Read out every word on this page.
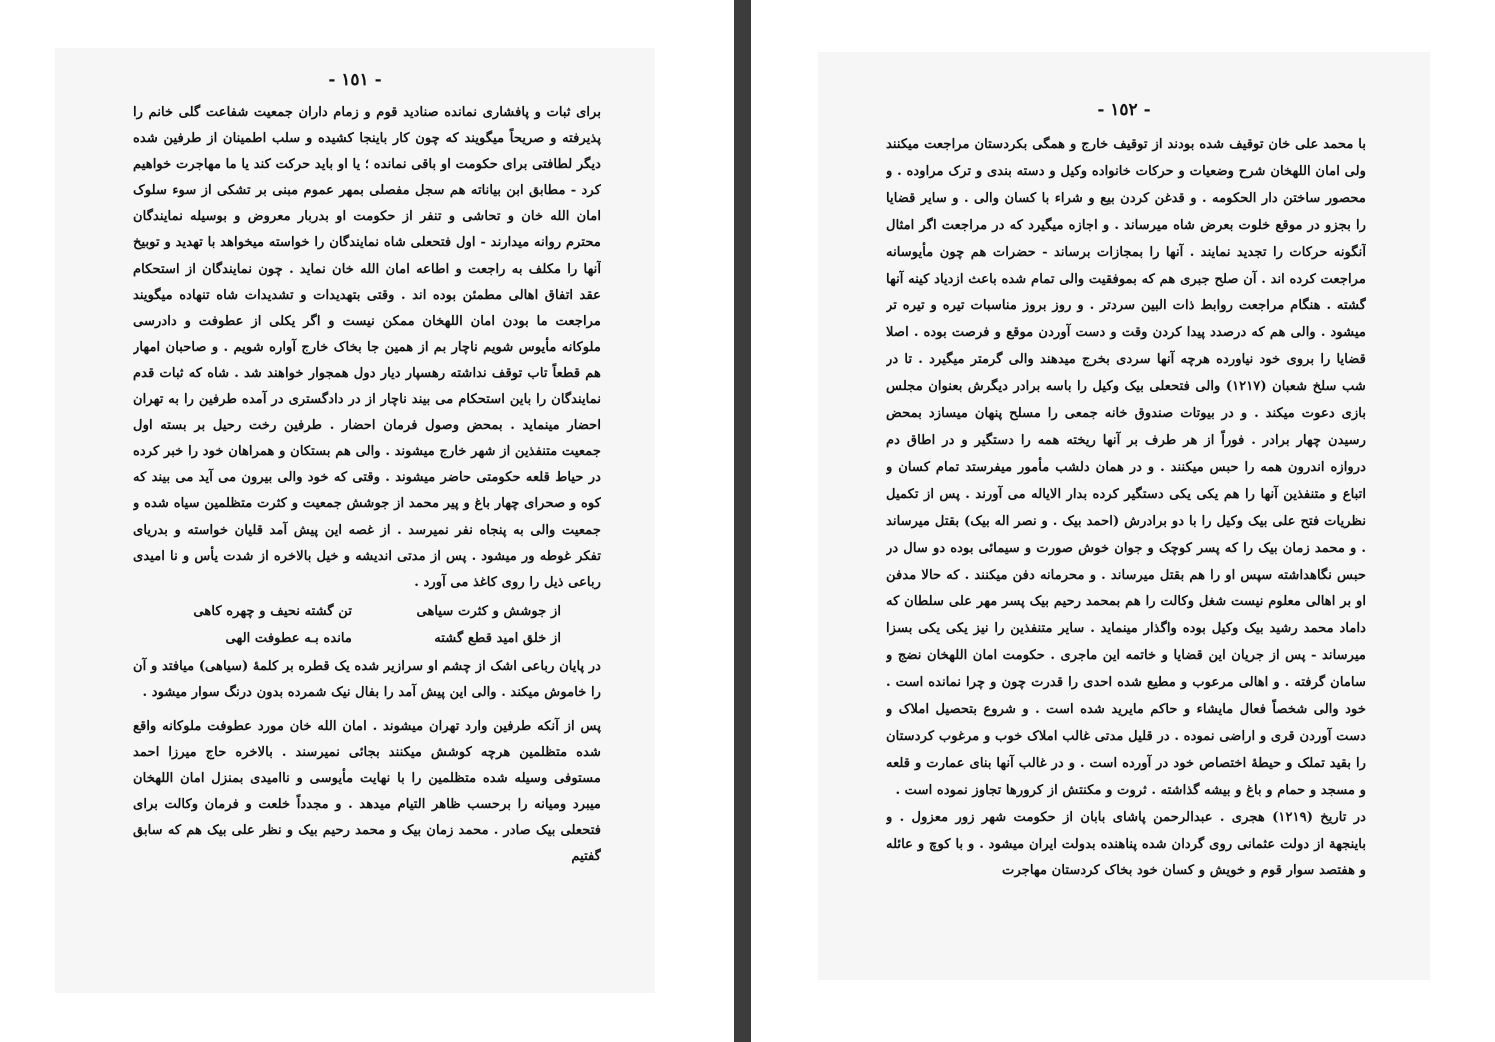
- ١٥١ -

برای ثبات و پافشاری نمانده صنادید قوم و زمام داران جمعیت شفاعت گلی خانم را پذیرفته و صریحاً میگویند که چون کار باینجا کشیده و سلب اطمینان از طرفین شده دیگر لطافتی برای حکومت او باقی نمانده ؛ یا او باید حرکت کند یا ما مهاجرت خواهیم کرد - مطابق ابن بیاناته هم سجل مفصلی بمهر عموم مبنی بر تشکی از سوء سلوک امان الله خان و تحاشی و تنفر از حکومت او بدربار معروض و بوسیله نمایندگان محترم روانه میدارند - اول فتحعلی شاه نمایندگان را خواسته میخواهد با تهدید و توبیخ آنها را مکلف به راجعت و اطاعه امان الله خان نماید . چون نمایندگان از استحکام عقد اتفاق اهالی مطمئن بوده اند . وقتی بتهدیدات و تشدیدات شاه تنهاده میگویند مراجعت ما بودن امان اللهخان ممکن نیست و اگر یکلی از عطوفت و دادرسی ملوکانه مأیوس شویم ناچار بم از همین جا بخاک خارج آواره شویم . و صاحبان امهار هم قطعاً تاب توقف نداشته رهسپار دیار دول همجوار خواهند شد . شاه که ثبات قدم نمایندگان را باین استحکام می بیند ناچار از در دادگستری در آمده طرفین را به تهران احضار مینماید . بمحض وصول فرمان احضار . طرفین رخت رحیل بر بسته اول جمعیت متنفذین از شهر خارج میشوند . والی هم بستکان و همراهان خود را خبر کرده در حیاط قلعه حکومتی حاضر میشوند . وقتی که خود والی بیرون می آید می بیند که کوه و صحرای چهار باغ و پیر محمد از جوشش جمعیت و کثرت متظلمین سیاه شده و جمعیت والی به پنجاه نفر نمیرسد . از غصه این پیش آمد قلیان خواسته و بدریای تفکر غوطه ور میشود . پس از مدتی اندیشه و خیل بالاخره از شدت یأس و نا امیدی رباعی ذیل را روی کاغذ می آورد .

از جوشش و کثرت سیاهی
تن گشته نحیف و چهره کاهی
از خلق امید قطع گشته
مانده بـه عطوفت الهی

در پایان رباعی اشک از چشم او سرازیر شده یک قطره بر کلمهٔ (سیاهی) میافتد و آن را خاموش میکند . والی این پیش آمد را بفال نیک شمرده بدون درنگ سوار میشود .

پس از آنکه طرفین وارد تهران میشوند . امان الله خان مورد عطوفت ملوکانه واقع شده متظلمین هرچه کوشش میکنند بجائی نمیرسند . بالاخره حاج میرزا احمد مستوفی وسیله شده متظلمین را با نهایت مأیوسی و ناامیدی بمنزل امان اللهخان میبرد ومیانه را برحسب ظاهر التیام میدهد . و مجدداً خلعت و فرمان وکالت برای فتحعلی بیک صادر . محمد زمان بیک و محمد رحیم بیک و نظر علی بیک هم که سابق گفتیم

- ١٥٢ -

با محمد علی خان توقیف شده بودند از توقیف خارج و همگی بکردستان مراجعت میکنند ولی امان اللهخان شرح وضعیات و حرکات خانواده وکیل و دسته بندی و ترک مراوده . و محصور ساختن دار الحکومه . و قدغن کردن بیع و شراء با کسان والی . و سایر قضایا را بجزو در موقع خلوت بعرض شاه میرساند . و اجازه میگیرد که در مراجعت اگر امثال آنگونه حرکات را تجدید نمایند . آنها را بمجازات برساند - حضرات هم چون مأیوسانه مراجعت کرده اند . آن صلح جبری هم که بموفقیت والی تمام شده باعث ازدیاد کینه آنها گشته . هنگام مراجعت روابط ذات البین سردتر . و روز بروز مناسبات تیره و تیره تر میشود . والی هم که درصدد پیدا کردن وقت و دست آوردن موقع و فرصت بوده . اصلا قضایا را بروی خود نیاورده هرچه آنها سردی بخرج میدهند والی گرمتر میگیرد . تا در شب سلخ شعبان (۱۲۱۷) والی فتحعلی بیک وکیل را باسه برادر دیگرش بعنوان مجلس بازی دعوت میکند . و در بیوتات صندوق خانه جمعی را مسلح پنهان میسازد بمحض رسیدن چهار برادر . فوراً از هر طرف بر آنها ریخته همه را دستگیر و در اطاق دم دروازه اندرون همه را حبس میکنند . و در همان دلشب مأمور میفرستد تمام کسان و اتباع و متنفذین آنها را هم یکی یکی دستگیر کرده بدار الایاله می آورند . پس از تکمیل نظریات فتح علی بیک وکیل را با دو برادرش (احمد بیک . و نصر اله بیک) بقتل میرساند . و محمد زمان بیک را که پسر کوچک و جوان خوش صورت و سیمائی بوده دو سال در حبس نگاهداشته سپس او را هم بقتل میرساند . و محرمانه دفن میکنند . که حالا مدفن او بر اهالی معلوم نیست شغل وکالت را هم بمحمد رحیم بیک پسر مهر علی سلطان که داماد محمد رشید بیک وکیل بوده واگذار مینماید . سایر متنفذین را نیز یکی یکی بسزا میرساند - پس از جریان این قضایا و خاتمه این ماجری . حکومت امان اللهخان نضج و سامان گرفته . و اهالی مرعوب و مطیع شده احدی را قدرت چون و چرا نمانده است . خود والی شخصاً فعال مایشاء و حاکم مایرید شده است . و شروع بتحصیل املاک و دست آوردن قری و اراضی نموده . در قلیل مدتی غالب املاک خوب و مرغوب کردستان را بقید تملک و حیطهٔ اختصاص خود در آورده است . و در غالب آنها بنای عمارت و قلعه و مسجد و حمام و باغ و بیشه گذاشته . ثروت و مکنتش از کرورها تجاوز نموده است .

در تاریخ (۱۲۱۹) هجری . عبدالرحمن پاشای بابان از حکومت شهر زور معزول . و باینجهة از دولت عثمانی روی گردان شده پناهنده بدولت ایران میشود . و با کوچ و عائله و هفتصد سوار قوم و خویش و کسان خود بخاک کردستان مهاجرت
